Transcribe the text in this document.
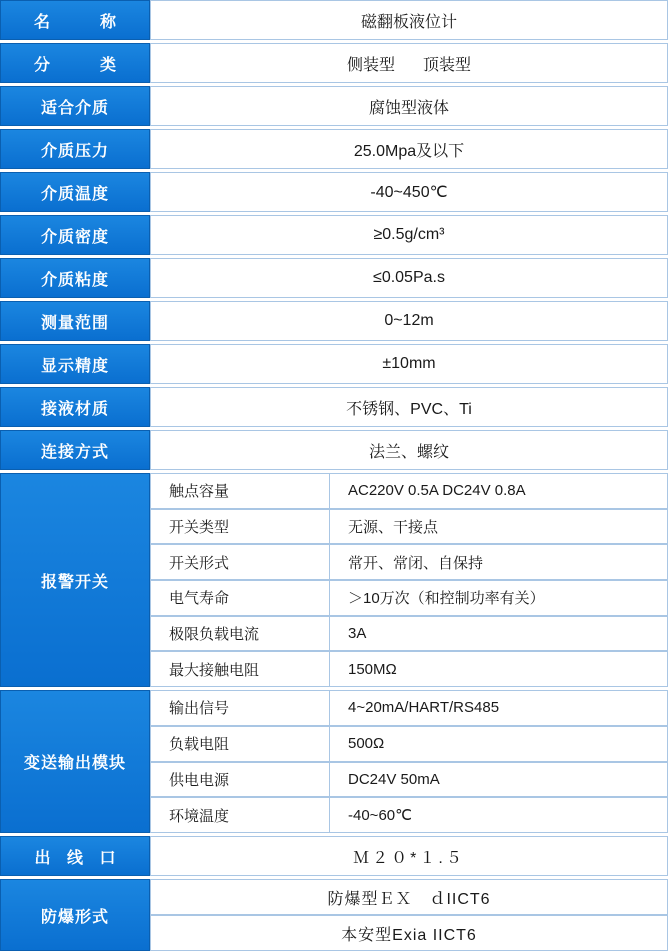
名　　称	磁翻板液位计
分　　类	侧装型 顶装型
适合介质	腐蚀型液体
介质压力	25.0Mpa及以下
介质温度	-40~450℃
介质密度	≥0.5g/cm³
介质粘度	≤0.05Pa.s
测量范围	0~12m
显示精度	±10mm
接液材质	不锈钢、PVC、Ti
连接方式	法兰、螺纹
报警开关
触点容量	AC220V 0.5A DC24V 0.8A
开关类型	无源、干接点
开关形式	常开、常闭、自保持
电气寿命	＞10万次（和控制功率有关）
极限负载电流	3A
最大接触电阻	150MΩ
变送输出模块
输出信号	4~20mA/HART/RS485
负载电阻	500Ω
供电电源	DC24V 50mA
环境温度	-40~60℃
出 线 口	Ｍ２０*１.５
防爆形式
防爆型ＥＸ　ｄIICT6
本安型Exia IICT6
